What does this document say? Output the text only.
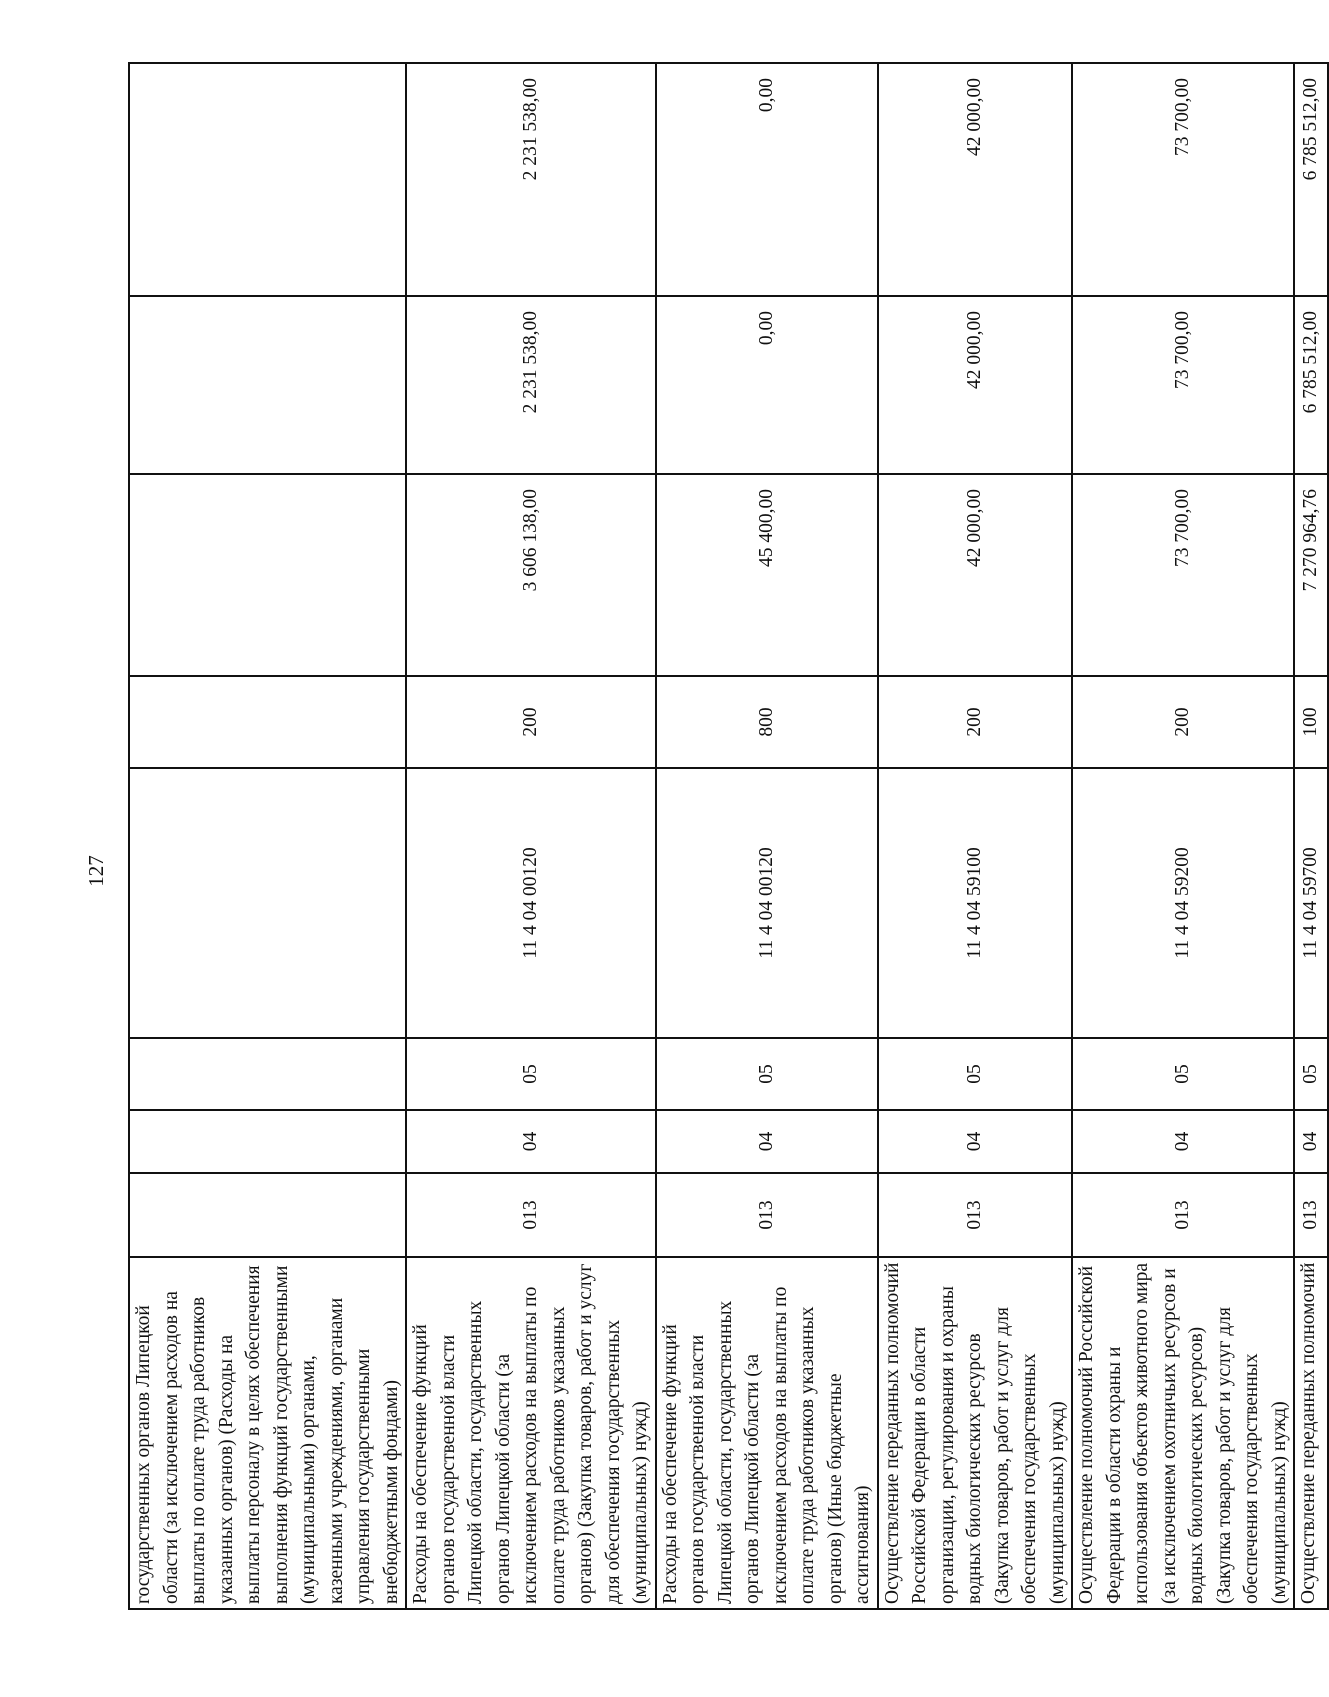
127
государственных органов Липецкой области (за исключением расходов на выплаты по оплате труда работников указанных органов) (Расходы на выплаты персоналу в целях обеспечения выполнения функций государственными (муниципальными) органами, казенными учреждениями, органами управления государственными внебюджетными фондами)								
Расходы на обеспечение функций органов государственной власти Липецкой области, государственных органов Липецкой области (за исключением расходов на выплаты по оплате труда работников указанных органов) (Закупка товаров, работ и услуг для обеспечения государственных (муниципальных) нужд)	013	04	05	11 4 04 00120	200	3 606 138,00	2 231 538,00	2 231 538,00
Расходы на обеспечение функций органов государственной власти Липецкой области, государственных органов Липецкой области (за исключением расходов на выплаты по оплате труда работников указанных органов) (Иные бюджетные ассигнования)	013	04	05	11 4 04 00120	800	45 400,00	0,00	0,00
Осуществление переданных полномочий Российской Федерации в области организации, регулирования и охраны водных биологических ресурсов (Закупка товаров, работ и услуг для обеспечения государственных (муниципальных) нужд)	013	04	05	11 4 04 59100	200	42 000,00	42 000,00	42 000,00
Осуществление полномочий Российской Федерации в области охраны и использования объектов животного мира (за исключением охотничьих ресурсов и водных биологических ресурсов) (Закупка товаров, работ и услуг для обеспечения государственных (муниципальных) нужд)	013	04	05	11 4 04 59200	200	73 700,00	73 700,00	73 700,00
Осуществление переданных полномочий	013	04	05	11 4 04 59700	100	7 270 964,76	6 785 512,00	6 785 512,00
